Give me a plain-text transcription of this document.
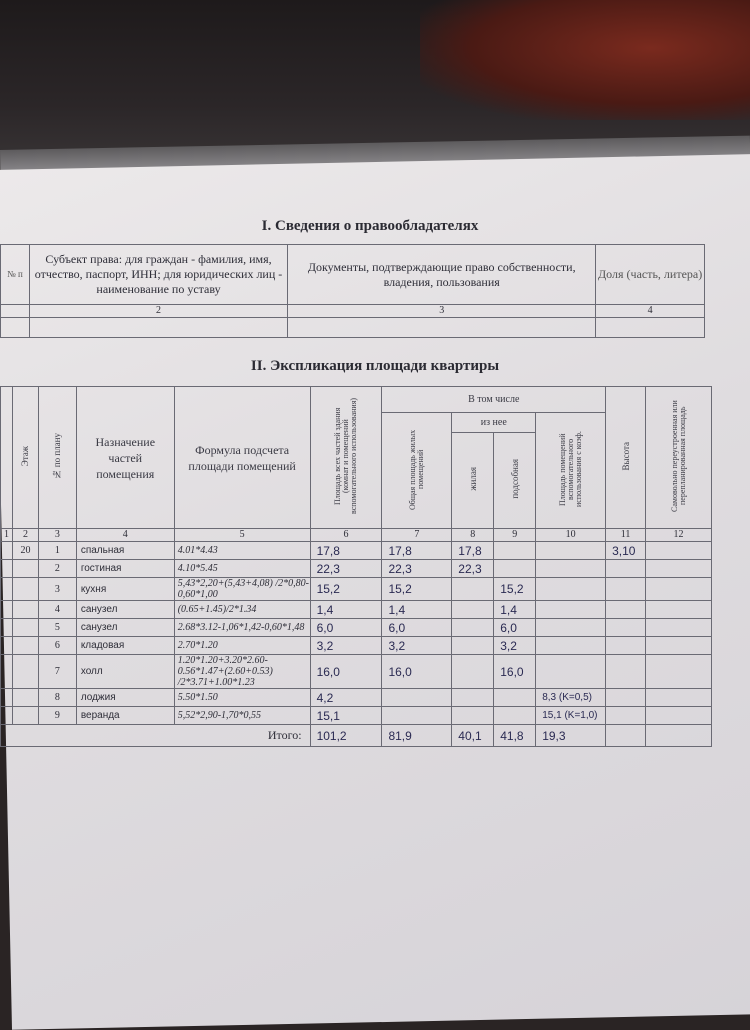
I. Сведения о правообладателях
№ п	Субъект права: для граждан - фамилия, имя, отчество, паспорт, ИНН; для юридических лиц - наименование по уставу	Документы, подтверждающие право собственности, владения, пользования	Доля (часть, литера)
	2	3	4

II. Экспликация площади квартиры
	Этаж	№ по плану	Назначение частей помещения	Формула подсчета площади помещений	Площадь всех частей здания (комнат и помещений вспомогательного использования)	В том числе				Высота	Самовольно переустроенная или перепланированная площадь
						Общая площадь жилых помещений	из нее		Площадь помещений вспомогательного использования с коэф.		
							жилая	подсобная			
1	2	3	4	5	6	7	8	9	10	11	12
	20	1	спальная	4.01*4.43	17,8	17,8	17,8			3,10	
		2	гостиная	4.10*5.45	22,3	22,3	22,3				
		3	кухня	5,43*2,20+(5,43+4,08) /2*0,80-0,60*1,00	15,2	15,2		15,2			
		4	санузел	(0.65+1.45)/2*1.34	1,4	1,4		1,4			
		5	санузел	2.68*3.12-1,06*1,42-0,60*1,48	6,0	6,0		6,0			
		6	кладовая	2.70*1.20	3,2	3,2		3,2			
		7	холл	1.20*1.20+3.20*2.60-0.56*1.47+(2.60+0.53) /2*3.71+1.00*1.23	16,0	16,0		16,0			
		8	лоджия	5.50*1.50	4,2				8,3 (K=0,5)		
		9	веранда	5,52*2,90-1,70*0,55	15,1				15,1 (K=1,0)		
Итого:					101,2	81,9	40,1	41,8	19,3		
